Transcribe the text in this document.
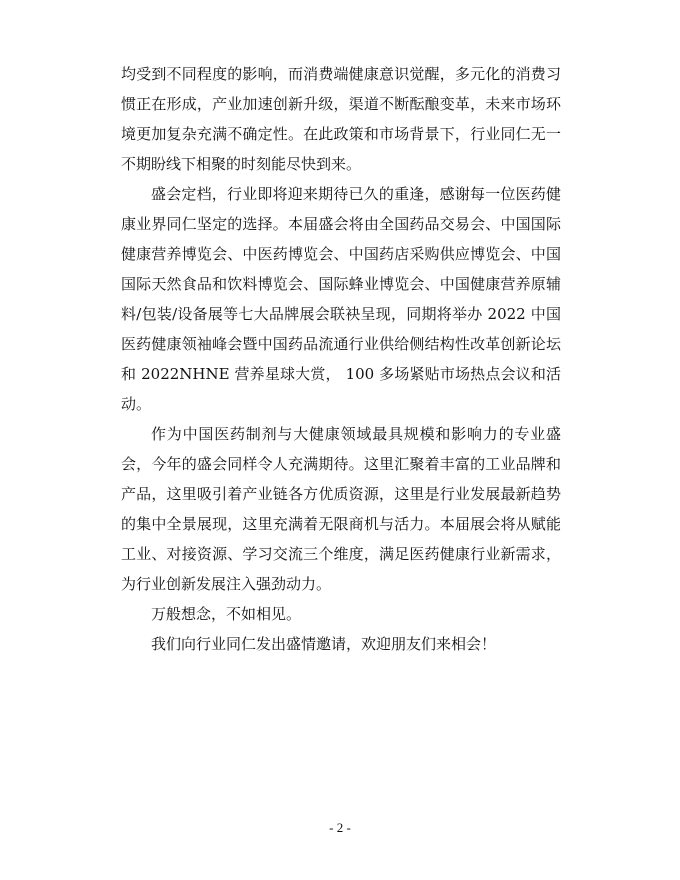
均受到不同程度的影响，而消费端健康意识觉醒，多元化的消费习惯正在形成，产业加速创新升级，渠道不断酝酿变革，未来市场环境更加复杂充满不确定性。在此政策和市场背景下，行业同仁无一不期盼线下相聚的时刻能尽快到来。

盛会定档，行业即将迎来期待已久的重逢，感谢每一位医药健康业界同仁坚定的选择。本届盛会将由全国药品交易会、中国国际健康营养博览会、中医药博览会、中国药店采购供应博览会、中国国际天然食品和饮料博览会、国际蜂业博览会、中国健康营养原辅料/包装/设备展等七大品牌展会联袂呈现，同期将举办 2022 中国医药健康领袖峰会暨中国药品流通行业供给侧结构性改革创新论坛和 2022NHNE 营养星球大赏， 100 多场紧贴市场热点会议和活动。

作为中国医药制剂与大健康领域最具规模和影响力的专业盛会，今年的盛会同样令人充满期待。这里汇聚着丰富的工业品牌和产品，这里吸引着产业链各方优质资源，这里是行业发展最新趋势的集中全景展现，这里充满着无限商机与活力。本届展会将从赋能工业、对接资源、学习交流三个维度，满足医药健康行业新需求，为行业创新发展注入强劲动力。

万般想念，不如相见。

我们向行业同仁发出盛情邀请，欢迎朋友们来相会！

- 2 -
